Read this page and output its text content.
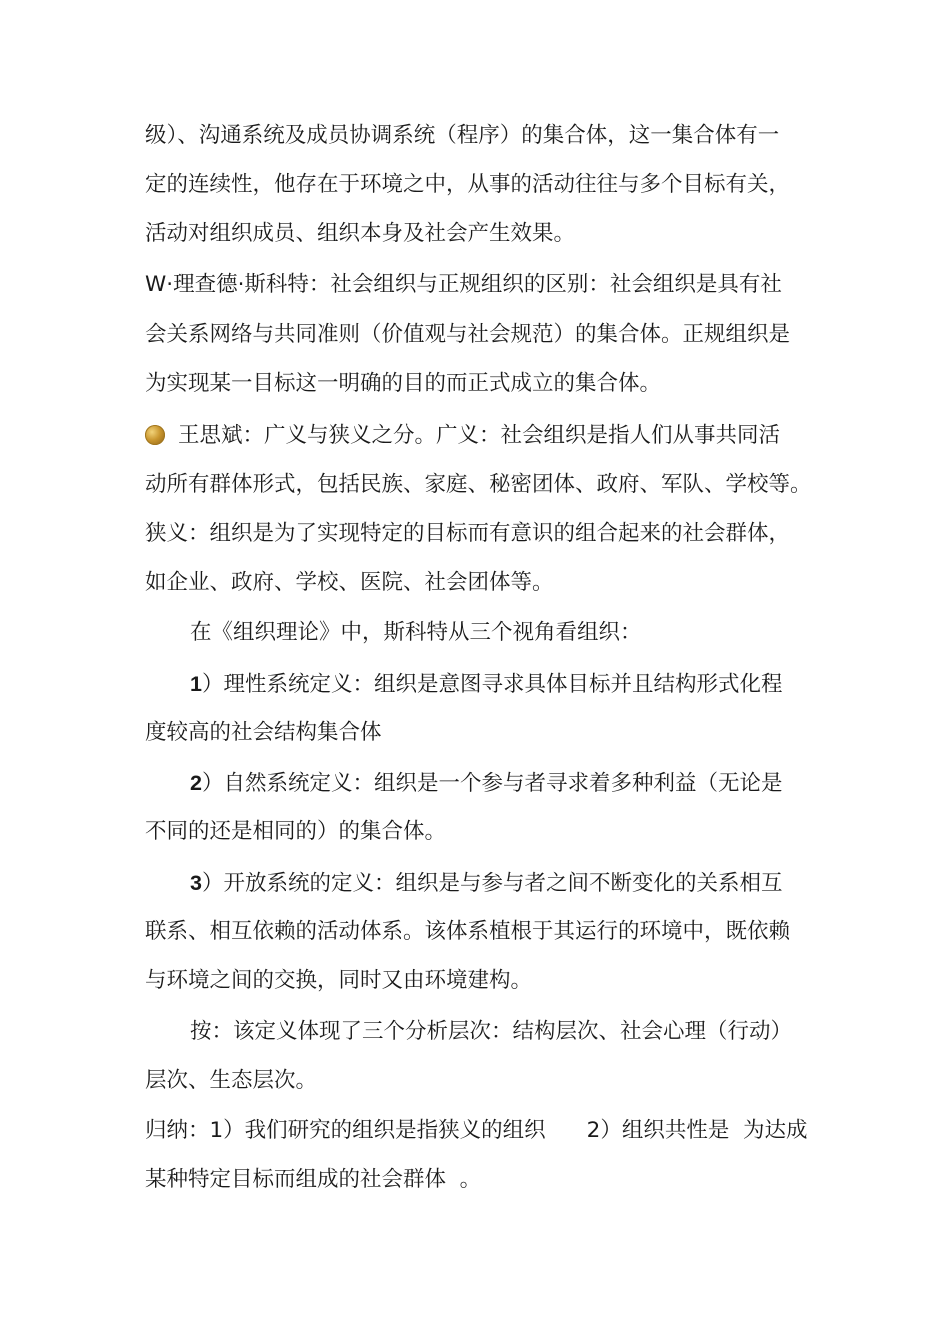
级）、沟通系统及成员协调系统（程序）的集合体，这一集合体有一
定的连续性，他存在于环境之中，从事的活动往往与多个目标有关，
活动对组织成员、组织本身及社会产生效果。
W·理查德·斯科特：社会组织与正规组织的区别：社会组织是具有社
会关系网络与共同准则（价值观与社会规范）的集合体。正规组织是
为实现某一目标这一明确的目的而正式成立的集合体。
王思斌：广义与狭义之分。广义：社会组织是指人们从事共同活
动所有群体形式，包括民族、家庭、秘密团体、政府、军队、学校等。
狭义：组织是为了实现特定的目标而有意识的组合起来的社会群体，
如企业、政府、学校、医院、社会团体等。
在《组织理论》中，斯科特从三个视角看组织：
1）理性系统定义：组织是意图寻求具体目标并且结构形式化程
度较高的社会结构集合体
2）自然系统定义：组织是一个参与者寻求着多种利益（无论是
不同的还是相同的）的集合体。
3）开放系统的定义：组织是与参与者之间不断变化的关系相互
联系、相互依赖的活动体系。该体系植根于其运行的环境中，既依赖
与环境之间的交换，同时又由环境建构。
按：该定义体现了三个分析层次：结构层次、社会心理（行动）
层次、生态层次。
归纳：1）我们研究的组织是指狭义的组织      2）组织共性是  为达成
某种特定目标而组成的社会群体  。
